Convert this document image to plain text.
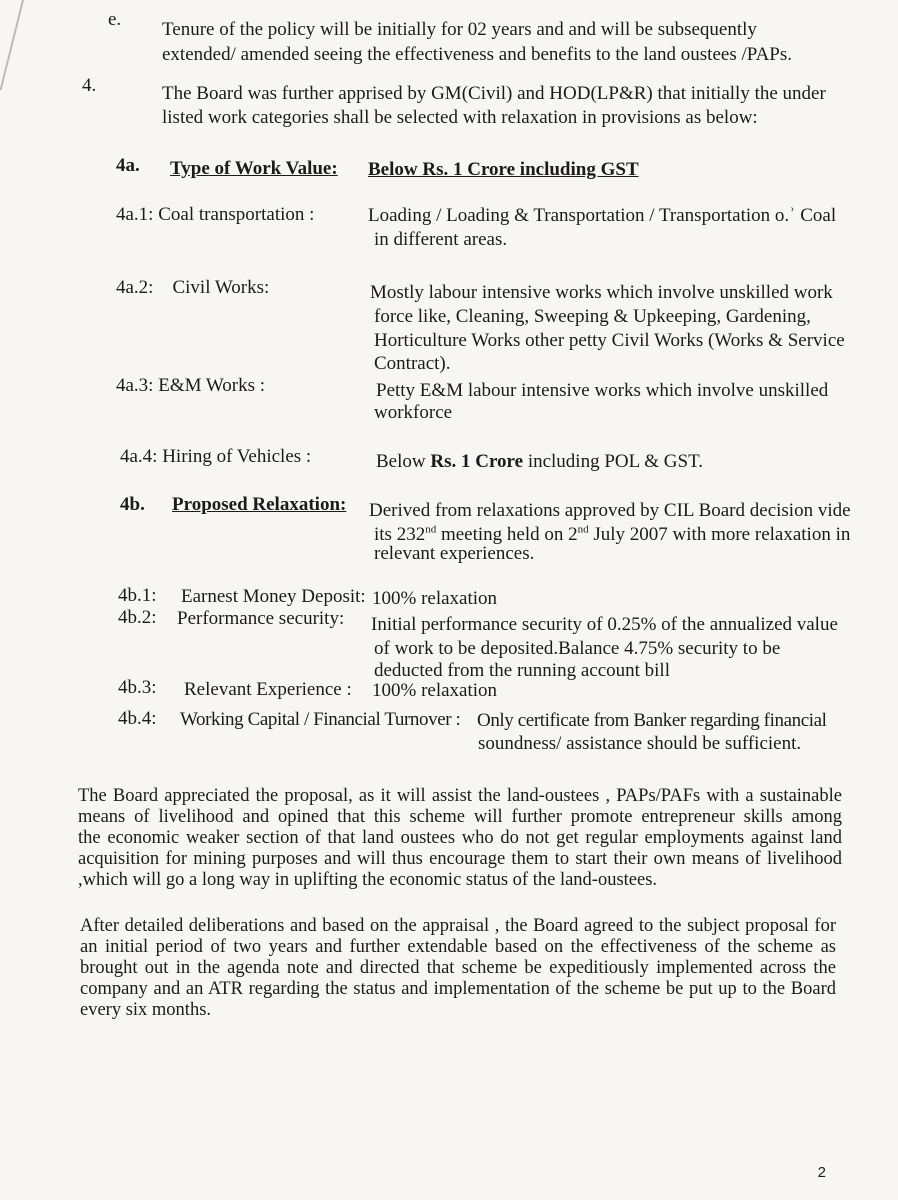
e. Tenure of the policy will be initially for 02 years and and will be subsequently
extended/ amended seeing the effectiveness and benefits to the land oustees /PAPs.
4.	The Board was further apprised by GM(Civil) and HOD(LP&R) that initially the under
listed work categories shall be selected with relaxation in provisions as below:
4a. Type of Work Value: Below Rs. 1 Crore including GST
4a.1: Coal transportation :	Loading / Loading & Transportation / Transportation o.ʾ Coal
in different areas.
4a.2:    Civil Works:	Mostly labour intensive works which involve unskilled work
force like, Cleaning, Sweeping & Upkeeping, Gardening,
Horticulture Works other petty Civil Works (Works & Service
Contract).
4a.3: E&M Works :	Petty E&M labour intensive works which involve unskilled
workforce
4a.4: Hiring of Vehicles :	Below Rs. 1 Crore including POL & GST.
4b. Proposed Relaxation: Derived from relaxations approved by CIL Board decision vide
its 232nd meeting held on 2nd July 2007 with more relaxation in
relevant experiences.
4b.1: Earnest Money Deposit: 100% relaxation
4b.2: Performance security: Initial performance security of 0.25% of the annualized value
of work to be deposited.Balance 4.75% security to be
deducted from the running account bill
4b.3: Relevant Experience : 100% relaxation
4b.4: Working Capital / Financial Turnover : Only certificate from Banker regarding financial
soundness/ assistance should be sufficient.
The Board appreciated the proposal, as it will assist the land-oustees , PAPs/PAFs with a sustainable
means of livelihood and opined that this scheme will further promote entrepreneur skills among
the economic weaker section of that land oustees who do not get regular employments against land
acquisition for mining purposes and will thus encourage them to start their own means of livelihood
,which will go a long way in uplifting the economic status of the land-oustees.
After detailed deliberations and based on the appraisal , the Board agreed to the subject proposal for
an initial period of two years and further extendable based on the effectiveness of the scheme as
brought out in the agenda note and directed that scheme be expeditiously implemented across the
company and an ATR regarding the status and implementation of the scheme be put up to the Board
every six months.
2
